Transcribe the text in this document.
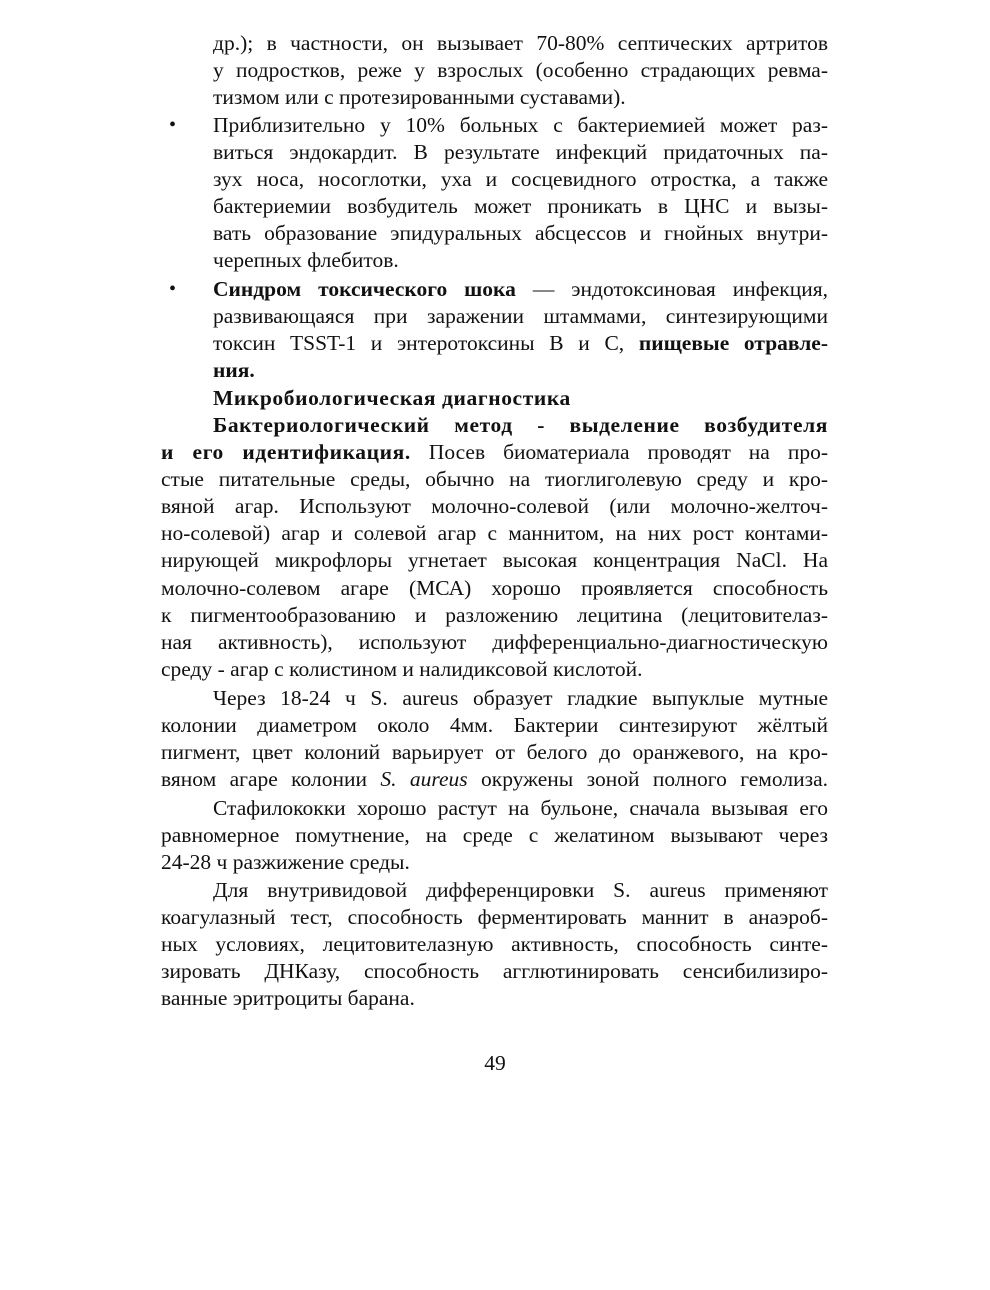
др.); в частности, он вызывает 70-80% септических артритов
у подростков, реже у взрослых (особенно страдающих ревма-
тизмом или с протезированными суставами).
• Приблизительно у 10% больных с бактериемией может раз-
виться эндокардит. В результате инфекций придаточных па-
зух носа, носоглотки, уха и сосцевидного отростка, а также
бактериемии возбудитель может проникать в ЦНС и вызы-
вать образование эпидуральных абсцессов и гнойных внутри-
черепных флебитов.
• Синдром токсического шока — эндотоксиновая инфекция,
развивающаяся при заражении штаммами, синтезирующими
токсин TSST-1 и энтеротоксины В и С, пищевые отравле-
ния.
Микробиологическая диагностика
Бактериологический метод - выделение возбудителя
и его идентификация. Посев биоматериала проводят на про-
стые питательные среды, обычно на тиоглиголевую среду и кро-
вяной агар. Используют молочно-солевой (или молочно-желточ-
но-солевой) агар и солевой агар с маннитом, на них рост контами-
нирующей микрофлоры угнетает высокая концентрация NaCl. На
молочно-солевом агаре (МСА) хорошо проявляется способность
к пигментообразованию и разложению лецитина (лецитовителаз-
ная активность), используют дифференциально-диагностическую
среду - агар с колистином и налидиксовой кислотой.
Через 18-24 ч S. aureus образует гладкие выпуклые мутные
колонии диаметром около 4мм. Бактерии синтезируют жёлтый
пигмент, цвет колоний варьирует от белого до оранжевого, на кро-
вяном агаре колонии S. aureus окружены зоной полного гемолиза.
Стафилококки хорошо растут на бульоне, сначала вызывая его
равномерное помутнение, на среде с желатином вызывают через
24-28 ч разжижение среды.
Для внутривидовой дифференцировки S. aureus применяют
коагулазный тест, способность ферментировать маннит в анаэроб-
ных условиях, лецитовителазную активность, способность синте-
зировать ДНКазу, способность агглютинировать сенсибилизиро-
ванные эритроциты барана.
49
